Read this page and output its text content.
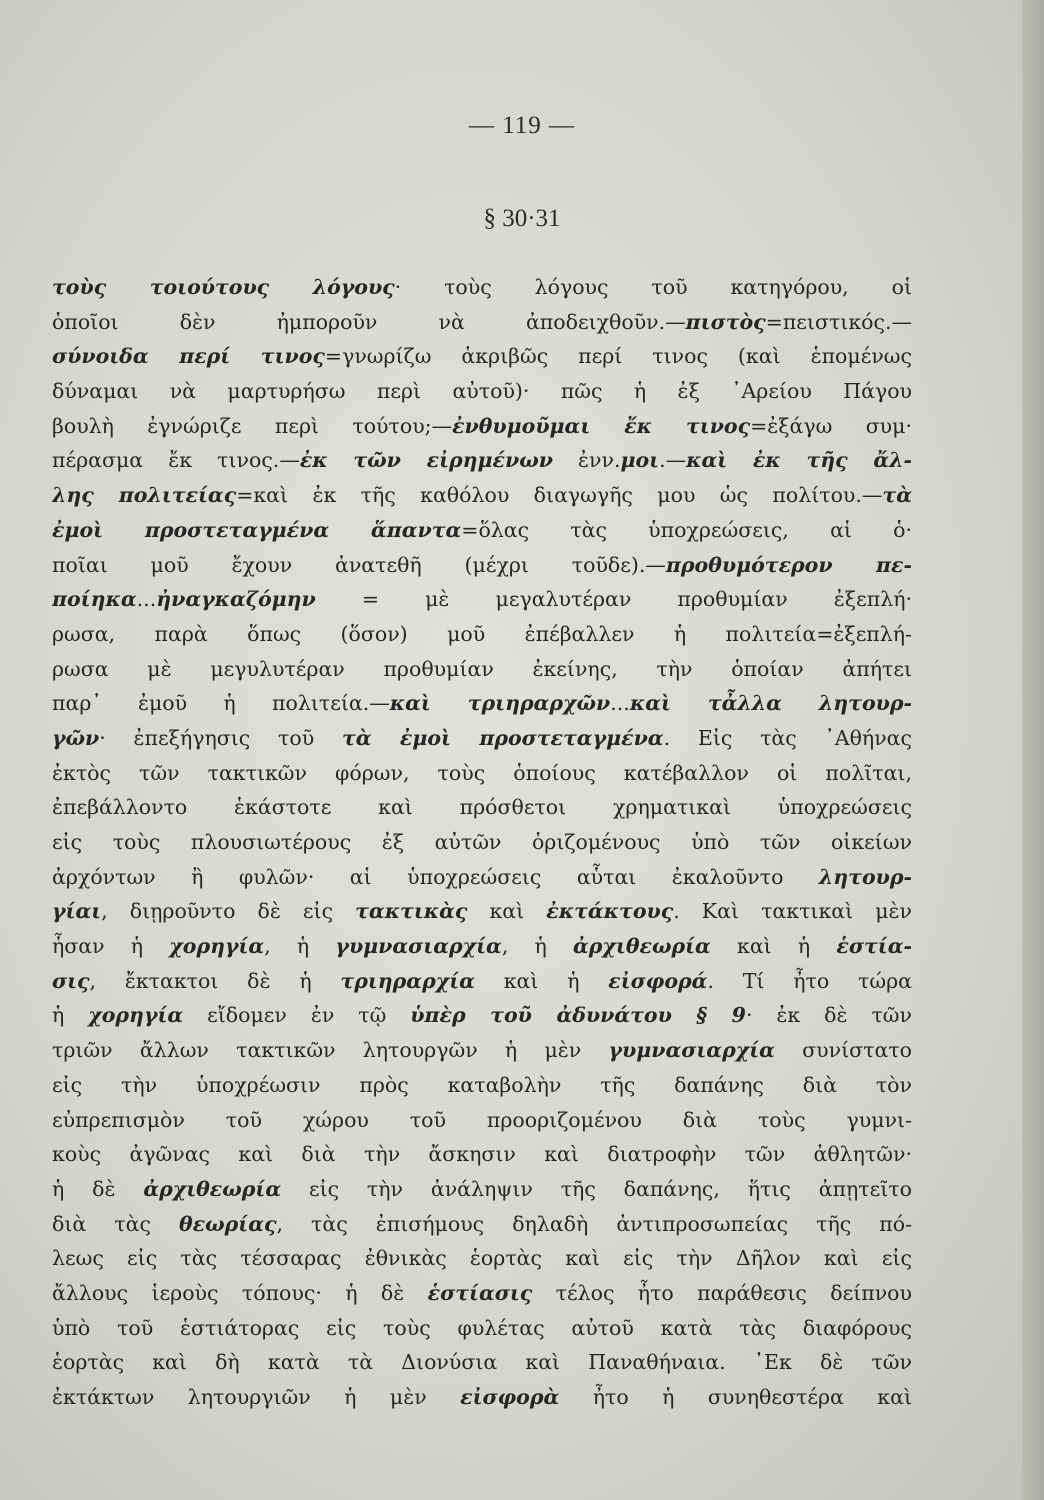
— 119 —
§ 30·31
τοὺς τοιούτους λόγους· τοὺς λόγους τοῦ κατηγόρου, οἱ
ὁποῖοι δὲν ἠμποροῦν νὰ ἀποδειχθοῦν.—πιστὸς=πειστικός.—
σύνοιδα περί τινος=γνωρίζω ἀκριβῶς περί τινος (καὶ ἑπομένως
δύναμαι νὰ μαρτυρήσω περὶ αὐτοῦ)· πῶς ἡ ἐξ ᾿Αρείου Πάγου
βουλὴ ἐγνώριζε περὶ τούτου;—ἐνθυμοῦμαι ἔκ τινος=ἐξάγω συμ·
πέρασμα ἔκ τινος.—ἐκ τῶν εἰρημένων ἐνν.μοι.—καὶ ἐκ τῆς ἄλ-
λης πολιτείας=καὶ ἐκ τῆς καθόλου διαγωγῆς μου ὡς πολίτου.—τὰ
ἐμοὶ προστεταγμένα ἅπαντα=ὅλας τὰς ὑποχρεώσεις, αἱ ὁ·
ποῖαι μοῦ ἔχουν ἀνατεθῆ (μέχρι τοῦδε).—προθυμότερον πε-
ποίηκα...ἠναγκαζόμην = μὲ μεγαλυτέραν προθυμίαν ἐξεπλή·
ρωσα, παρὰ ὅπως (ὅσον) μοῦ ἐπέβαλλεν ἡ πολιτεία=ἐξεπλή-
ρωσα μὲ μεγυλυτέραν προθυμίαν ἐκείνης, τὴν ὁποίαν ἀπήτει
παρ᾿ ἐμοῦ ἡ πολιτεία.—καὶ τριηραρχῶν...καὶ τἆλλα λητουρ-
γῶν· ἐπεξήγησις τοῦ τὰ ἐμοὶ προστεταγμένα. Εἰς τὰς ᾿Αθήνας
ἐκτὸς τῶν τακτικῶν φόρων, τοὺς ὁποίους κατέβαλλον οἱ πολῖται,
ἐπεβάλλοντο ἑκάστοτε καὶ πρόσθετοι χρηματικαὶ ὑποχρεώσεις
εἰς τοὺς πλουσιωτέρους ἐξ αὐτῶν ὁριζομένους ὑπὸ τῶν οἰκείων
ἀρχόντων ἢ φυλῶν· αἱ ὑποχρεώσεις αὗται ἐκαλοῦντο λητουρ-
γίαι, διῃροῦντο δὲ εἰς τακτικὰς καὶ ἐκτάκτους. Καὶ τακτικαὶ μὲν
ἦσαν ἡ χορηγία, ἡ γυμνασιαρχία, ἡ ἀρχιθεωρία καὶ ἡ ἑστία-
σις, ἔκτακτοι δὲ ἡ τριηραρχία καὶ ἡ εἰσφορά. Τί ἦτο τώρα
ἡ χορηγία εἴδομεν ἐν τῷ ὑπὲρ τοῦ ἀδυνάτου § 9· ἐκ δὲ τῶν
τριῶν ἄλλων τακτικῶν λητουργῶν ἡ μὲν γυμνασιαρχία συνίστατο
εἰς τὴν ὑποχρέωσιν πρὸς καταβολὴν τῆς δαπάνης διὰ τὸν
εὐπρεπισμὸν τοῦ χώρου τοῦ προοριζομένου διὰ τοὺς γυμνι-
κοὺς ἀγῶνας καὶ διὰ τὴν ἄσκησιν καὶ διατροφὴν τῶν ἀθλητῶν·
ἡ δὲ ἀρχιθεωρία εἰς τὴν ἀνάληψιν τῆς δαπάνης, ἥτις ἀπῃτεῖτο
διὰ τὰς θεωρίας, τὰς ἐπισήμους δηλαδὴ ἀντιπροσωπείας τῆς πό-
λεως εἰς τὰς τέσσαρας ἐθνικὰς ἑορτὰς καὶ εἰς τὴν Δῆλον καὶ εἰς
ἄλλους ἱεροὺς τόπους· ἡ δὲ ἑστίασις τέλος ἦτο παράθεσις δείπνου
ὑπὸ τοῦ ἑστιάτορας εἰς τοὺς φυλέτας αὐτοῦ κατὰ τὰς διαφόρους
ἑορτὰς καὶ δὴ κατὰ τὰ Διονύσια καὶ Παναθήναια. ᾿Εκ δὲ τῶν
ἐκτάκτων λητουργιῶν ἡ μὲν εἰσφορὰ ἦτο ἡ συνηθεστέρα καὶ
